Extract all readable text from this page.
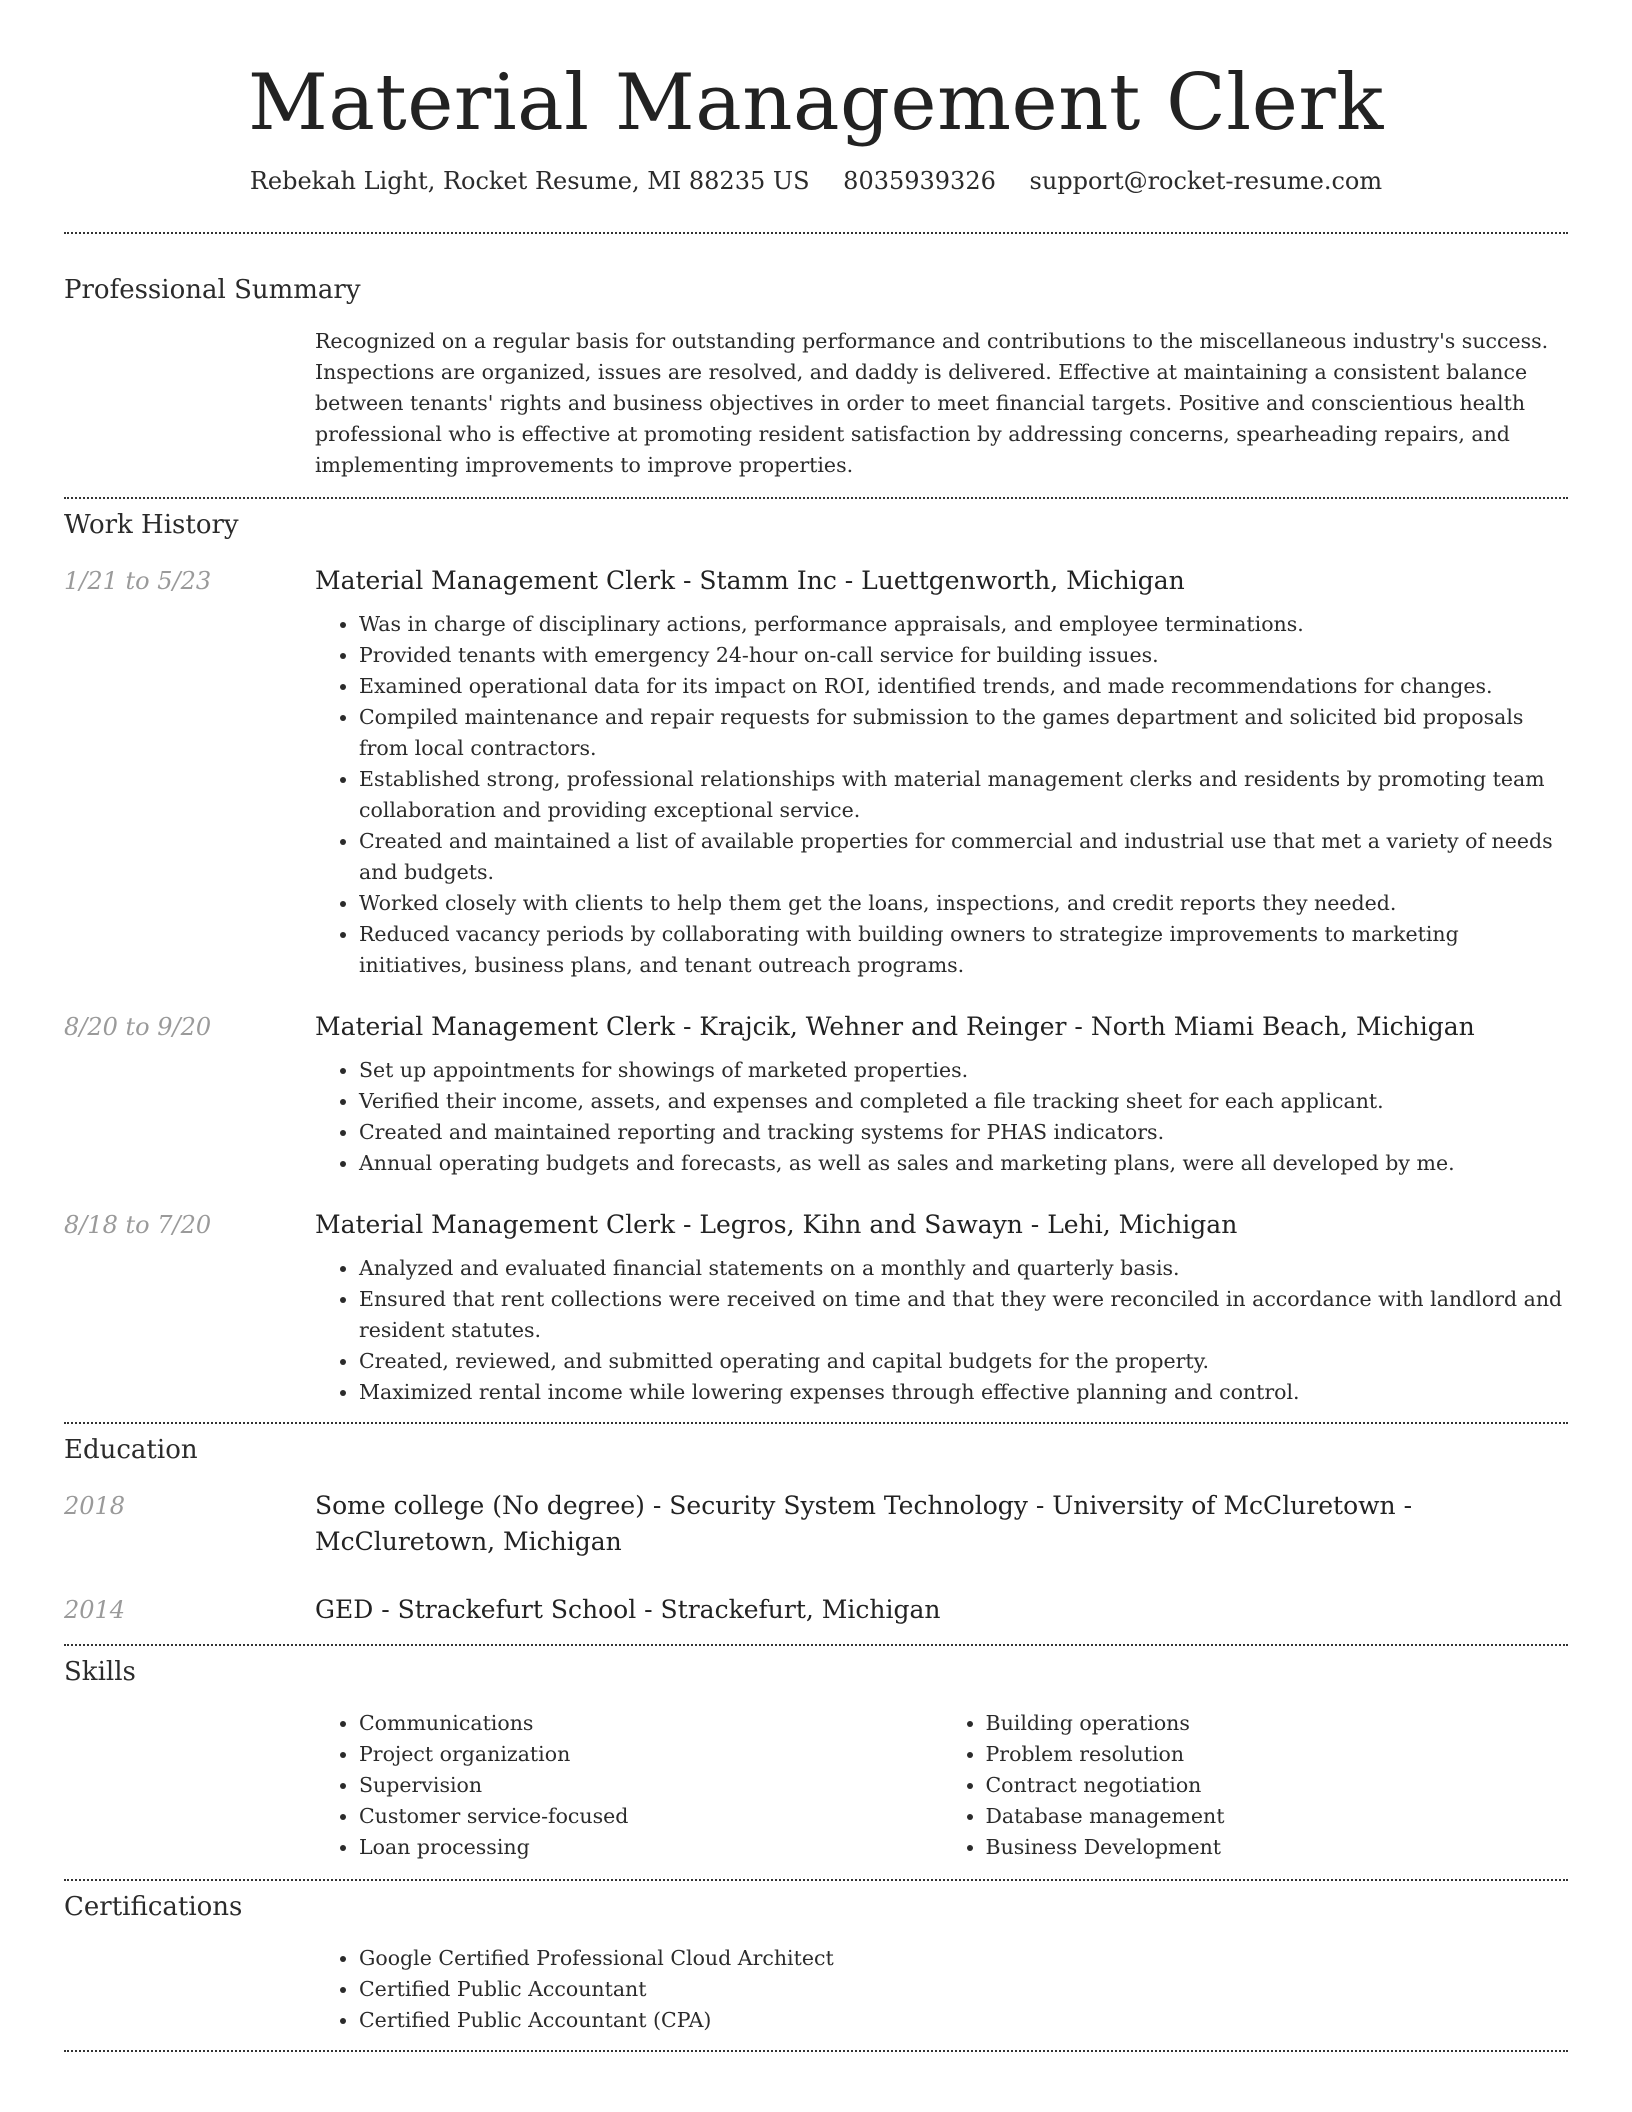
Material Management Clerk
Rebekah Light, Rocket Resume, MI 88235 US 8035939326 support@rocket-resume.com
Professional Summary

Recognized on a regular basis for outstanding performance and contributions to the miscellaneous industry's success. Inspections are organized, issues are resolved, and daddy is delivered. Effective at maintaining a consistent balance between tenants' rights and business objectives in order to meet financial targets. Positive and conscientious health professional who is effective at promoting resident satisfaction by addressing concerns, spearheading repairs, and implementing improvements to improve properties.

Work History
1/21 to 5/23	Material Management Clerk - Stamm Inc - Luettgenworth, Michigan

• Was in charge of disciplinary actions, performance appraisals, and employee terminations.
• Provided tenants with emergency 24-hour on-call service for building issues.
• Examined operational data for its impact on ROI, identified trends, and made recommendations for changes.
• Compiled maintenance and repair requests for submission to the games department and solicited bid proposals from local contractors.
• Established strong, professional relationships with material management clerks and residents by promoting team collaboration and providing exceptional service.
• Created and maintained a list of available properties for commercial and industrial use that met a variety of needs and budgets.
• Worked closely with clients to help them get the loans, inspections, and credit reports they needed.
• Reduced vacancy periods by collaborating with building owners to strategize improvements to marketing initiatives, business plans, and tenant outreach programs.
8/20 to 9/20	Material Management Clerk - Krajcik, Wehner and Reinger - North Miami Beach, Michigan

• Set up appointments for showings of marketed properties.
• Verified their income, assets, and expenses and completed a file tracking sheet for each applicant.
• Created and maintained reporting and tracking systems for PHAS indicators.
• Annual operating budgets and forecasts, as well as sales and marketing plans, were all developed by me.
8/18 to 7/20	Material Management Clerk - Legros, Kihn and Sawayn - Lehi, Michigan

• Analyzed and evaluated financial statements on a monthly and quarterly basis.
• Ensured that rent collections were received on time and that they were reconciled in accordance with landlord and resident statutes.
• Created, reviewed, and submitted operating and capital budgets for the property.
• Maximized rental income while lowering expenses through effective planning and control.
Education
2018	Some college (No degree) - Security System Technology - University of McCluretown - McCluretown, Michigan

2014	GED - Strackefurt School - Strackefurt, Michigan

Skills
• Communications
• Project organization
• Supervision
• Customer service-focused
• Loan processing
• Building operations
• Problem resolution
• Contract negotiation
• Database management
• Business Development
Certifications
• Google Certified Professional Cloud Architect
• Certified Public Accountant
• Certified Public Accountant (CPA)
